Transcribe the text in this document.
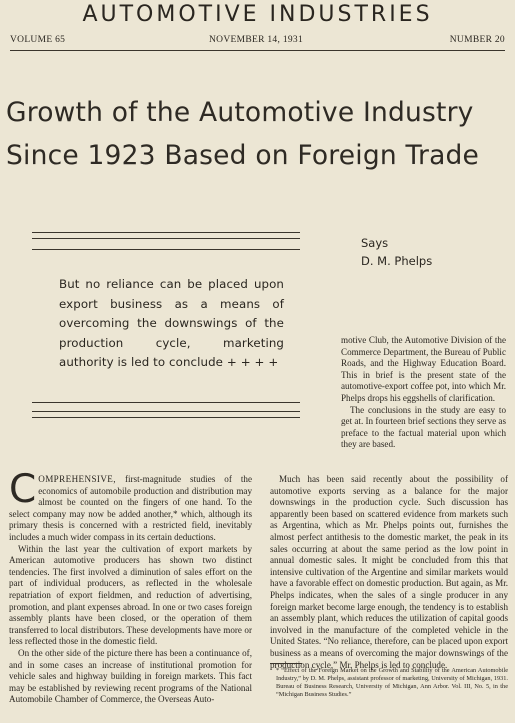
AUTOMOTIVE INDUSTRIES
VOLUME 65	NOVEMBER 14, 1931	NUMBER 20
Growth of the Automotive Industry
Since 1923 Based on Foreign Trade
Says
D. M. Phelps
But no reliance can be placed upon export business as a means of overcoming the downswings of the production cycle, marketing authority is led to conclude + + + +

motive Club, the Automotive Division of the Commerce Department, the Bureau of Public Roads, and the Highway Education Board. This in brief is the present state of the automotive-export coffee pot, into which Mr. Phelps drops his eggshells of clarification.

The conclusions in the study are easy to get at. In fourteen brief sections they serve as preface to the factual material upon which they are based.

COMPREHENSIVE, first-magnitude studies of the economics of automobile production and distribution may almost be counted on the fingers of one hand. To the select company may now be added another,* which, although its primary thesis is concerned with a restricted field, inevitably includes a much wider compass in its certain deductions.

Within the last year the cultivation of export markets by American automotive producers has shown two distinct tendencies. The first involved a diminution of sales effort on the part of individual producers, as reflected in the wholesale repatriation of export fieldmen, and reduction of advertising, promotion, and plant expenses abroad. In one or two cases foreign assembly plants have been closed, or the operation of them transferred to local distributors. These developments have more or less reflected those in the domestic field.

On the other side of the picture there has been a continuance of, and in some cases an increase of institutional promotion for vehicle sales and highway building in foreign markets. This fact may be established by reviewing recent programs of the National Automobile Chamber of Commerce, the Overseas Auto-

Much has been said recently about the possibility of automotive exports serving as a balance for the major downswings in the production cycle. Such discussion has apparently been based on scattered evidence from markets such as Argentina, which as Mr. Phelps points out, furnishes the almost perfect antithesis to the domestic market, the peak in its sales occurring at about the same period as the low point in annual domestic sales. It might be concluded from this that intensive cultivation of the Argentine and similar markets would have a favorable effect on domestic production. But again, as Mr. Phelps indicates, when the sales of a single producer in any foreign market become large enough, the tendency is to establish an assembly plant, which reduces the utilization of capital goods involved in the manufacture of the completed vehicle in the United States. “No reliance, therefore, can be placed upon export business as a means of overcoming the major downswings of the production cycle,” Mr. Phelps is led to conclude.

* “Effect of the Foreign Market on the Growth and Stability of the American Automobile Industry,” by D. M. Phelps, assistant professor of marketing, University of Michigan, 1931. Bureau of Business Research, University of Michigan, Ann Arbor. Vol. III, No. 5, in the “Michigan Business Studies.”
